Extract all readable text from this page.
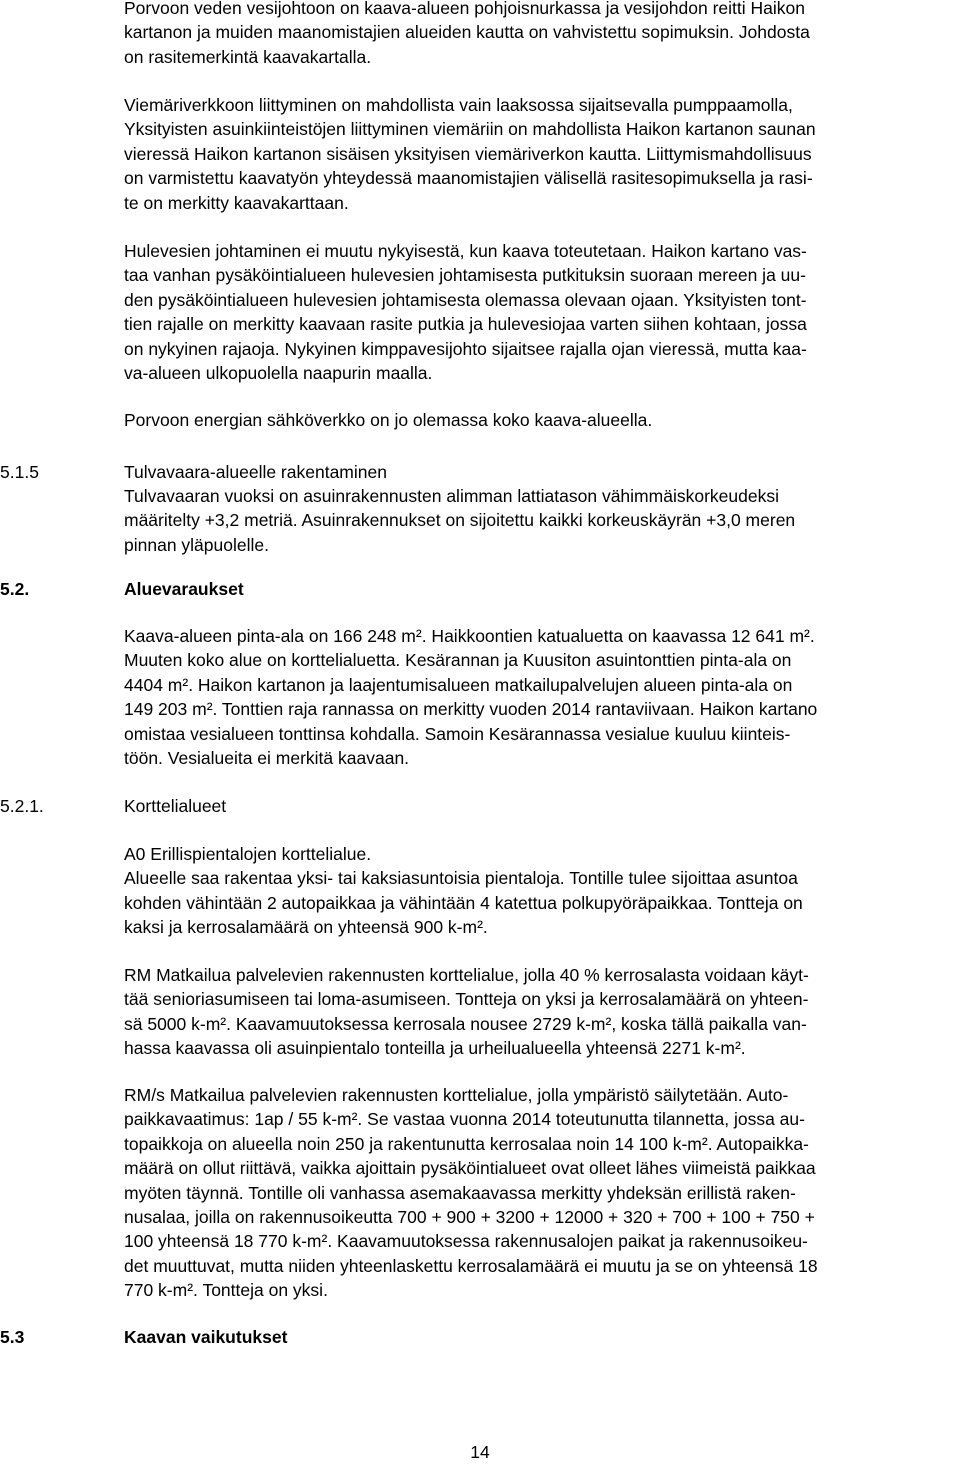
Porvoon veden vesijohtoon on kaava-alueen pohjoisnurkassa ja vesijohdon reitti Haikon
kartanon ja muiden maanomistajien alueiden kautta on vahvistettu sopimuksin. Johdosta
on rasitemerkintä kaavakartalla.
Viemäriverkkoon liittyminen on mahdollista vain laaksossa sijaitsevalla pumppaamolla,
Yksityisten asuinkiinteistöjen liittyminen viemäriin on mahdollista Haikon kartanon saunan
vieressä Haikon kartanon sisäisen yksityisen viemäriverkon kautta. Liittymismahdollisuus
on varmistettu kaavatyön yhteydessä maanomistajien välisellä rasitesopimuksella ja rasi-
te on merkitty kaavakarttaan.
Hulevesien johtaminen ei muutu nykyisestä, kun kaava toteutetaan. Haikon kartano vas-
taa vanhan pysäköintialueen hulevesien johtamisesta putkituksin suoraan mereen ja uu-
den pysäköintialueen hulevesien johtamisesta olemassa olevaan ojaan. Yksityisten tont-
tien rajalle on merkitty kaavaan rasite putkia ja hulevesiojaa varten siihen kohtaan, jossa
on nykyinen rajaoja. Nykyinen kimppavesijohto sijaitsee rajalla ojan vieressä, mutta kaa-
va-alueen ulkopuolella naapurin maalla.
Porvoon energian sähköverkko on jo olemassa koko kaava-alueella.
Tulvavaaran vuoksi on asuinrakennusten alimman lattiatason vähimmäiskorkeudeksi
määritelty +3,2 metriä. Asuinrakennukset on sijoitettu kaikki korkeuskäyrän +3,0 meren
pinnan yläpuolelle.
Kaava-alueen pinta-ala on 166 248 m². Haikkoontien katualuetta on kaavassa 12 641 m².
Muuten koko alue on korttelialuetta. Kesärannan ja Kuusiton asuintonttien pinta-ala on
4404 m². Haikon kartanon ja laajentumisalueen matkailupalvelujen alueen pinta-ala on
149 203 m². Tonttien raja rannassa on merkitty vuoden 2014 rantaviivaan. Haikon kartano
omistaa vesialueen tonttinsa kohdalla. Samoin Kesärannassa vesialue kuuluu kiinteis-
töön. Vesialueita ei merkitä kaavaan.
A0 Erillispientalojen korttelialue.
Alueelle saa rakentaa yksi- tai kaksiasuntoisia pientaloja. Tontille tulee sijoittaa asuntoa
kohden vähintään 2 autopaikkaa ja vähintään 4 katettua polkupyöräpaikkaa. Tontteja on
kaksi ja kerrosalamäärä on yhteensä 900 k-m².
RM Matkailua palvelevien rakennusten korttelialue, jolla 40 % kerrosalasta voidaan käyt-
tää senioriasumiseen tai loma-asumiseen. Tontteja on yksi ja kerrosalamäärä on yhteen-
sä 5000 k-m². Kaavamuutoksessa kerrosala nousee 2729 k-m², koska tällä paikalla van-
hassa kaavassa oli asuinpientalo tonteilla ja urheilualueella yhteensä 2271 k-m².
RM/s Matkailua palvelevien rakennusten korttelialue, jolla ympäristö säilytetään. Auto-
paikkavaatimus: 1ap / 55 k-m². Se vastaa vuonna 2014 toteutunutta tilannetta, jossa au-
topaikkoja on alueella noin 250 ja rakentunutta kerrosalaa noin 14 100 k-m². Autopaikka-
määrä on ollut riittävä, vaikka ajoittain pysäköintialueet ovat olleet lähes viimeistä paikkaa
myöten täynnä. Tontille oli vanhassa asemakaavassa merkitty yhdeksän erillistä raken-
nusalaa, joilla on rakennusoikeutta 700 + 900 + 3200 + 12000 + 320 + 700 + 100 + 750 +
100 yhteensä 18 770 k-m². Kaavamuutoksessa rakennusalojen paikat ja rakennusoikeu-
det muuttuvat, mutta niiden yhteenlaskettu kerrosalamäärä ei muutu ja se on yhteensä 18
770 k-m². Tontteja on yksi.
5.1.5	Tulvavaara-alueelle rakentaminen
5.2.	Aluevaraukset
5.2.1.	Korttelialueet
5.3	Kaavan vaikutukset
14
